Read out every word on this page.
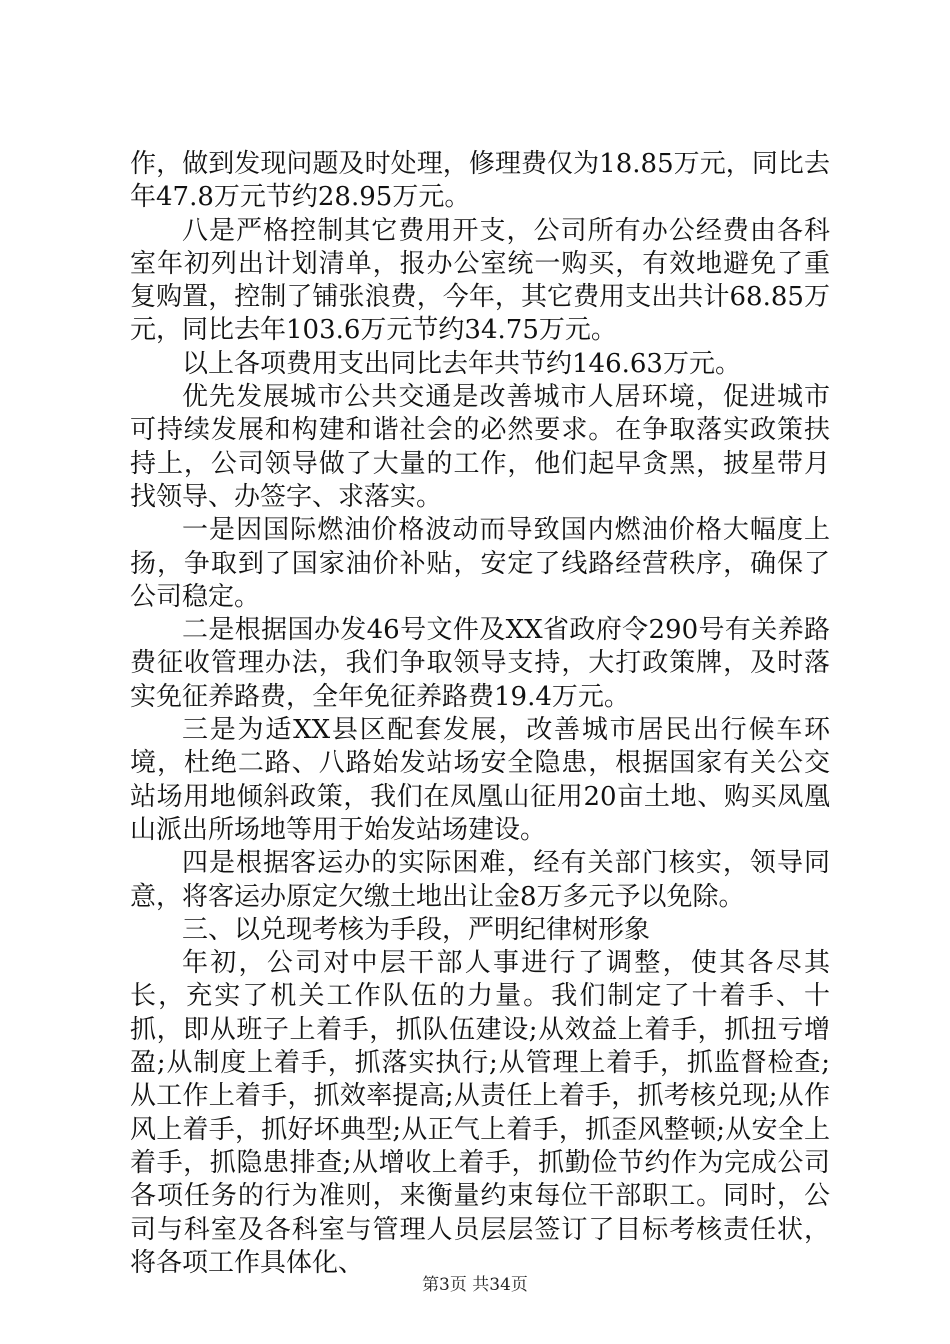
作，做到发现问题及时处理，修理费仅为18.85万元，同比去年47.8万元节约28.95万元。

八是严格控制其它费用开支，公司所有办公经费由各科室年初列出计划清单，报办公室统一购买，有效地避免了重复购置，控制了铺张浪费，今年，其它费用支出共计68.85万元，同比去年103.6万元节约34.75万元。

以上各项费用支出同比去年共节约146.63万元。

优先发展城市公共交通是改善城市人居环境，促进城市可持续发展和构建和谐社会的必然要求。在争取落实政策扶持上，公司领导做了大量的工作，他们起早贪黑，披星带月找领导、办签字、求落实。

一是因国际燃油价格波动而导致国内燃油价格大幅度上扬，争取到了国家油价补贴，安定了线路经营秩序，确保了公司稳定。

二是根据国办发46号文件及XX省政府令290号有关养路费征收管理办法，我们争取领导支持，大打政策牌，及时落实免征养路费，全年免征养路费19.4万元。

三是为适XX县区配套发展，改善城市居民出行候车环境，杜绝二路、八路始发站场安全隐患，根据国家有关公交站场用地倾斜政策，我们在凤凰山征用20亩土地、购买凤凰山派出所场地等用于始发站场建设。

四是根据客运办的实际困难，经有关部门核实，领导同意，将客运办原定欠缴土地出让金8万多元予以免除。

三、以兑现考核为手段，严明纪律树形象

年初，公司对中层干部人事进行了调整，使其各尽其长，充实了机关工作队伍的力量。我们制定了十着手、十抓，即从班子上着手，抓队伍建设;从效益上着手，抓扭亏增盈;从制度上着手，抓落实执行;从管理上着手，抓监督检查;从工作上着手，抓效率提高;从责任上着手，抓考核兑现;从作风上着手，抓好坏典型;从正气上着手，抓歪风整顿;从安全上着手，抓隐患排查;从增收上着手，抓勤俭节约作为完成公司各项任务的行为准则，来衡量约束每位干部职工。同时，公司与科室及各科室与管理人员层层签订了目标考核责任状，将各项工作具体化、

第3页 共34页
